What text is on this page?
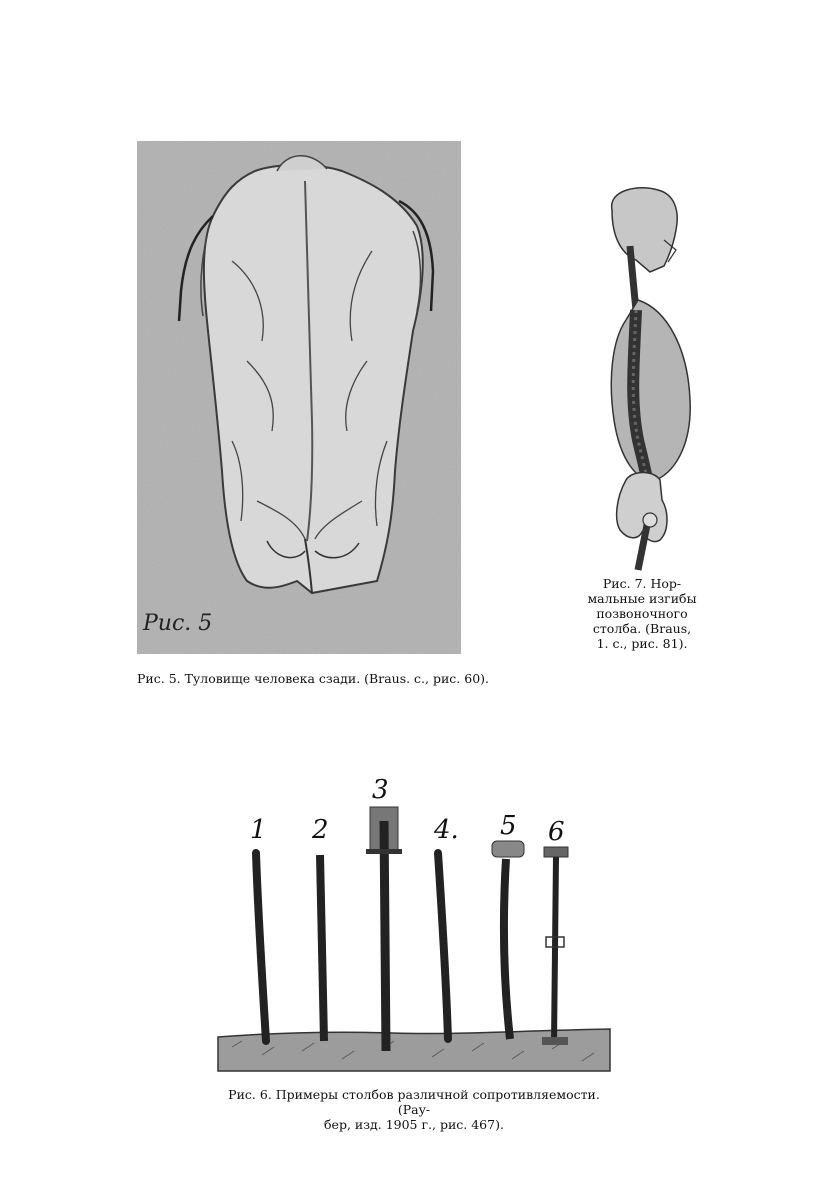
Рис. 5
Рис. 5. Туловище человека сзади. (Braus. с., рис. 60).
Рис. 7. Нор-
мальные изгибы
позвоночного
столба. (Braus,
1. с., рис. 81).
1 2
3
4. 5 6
Рис. 6. Примеры столбов различной сопротивляемости. (Рау-
бер, изд. 1905 г., рис. 467).
